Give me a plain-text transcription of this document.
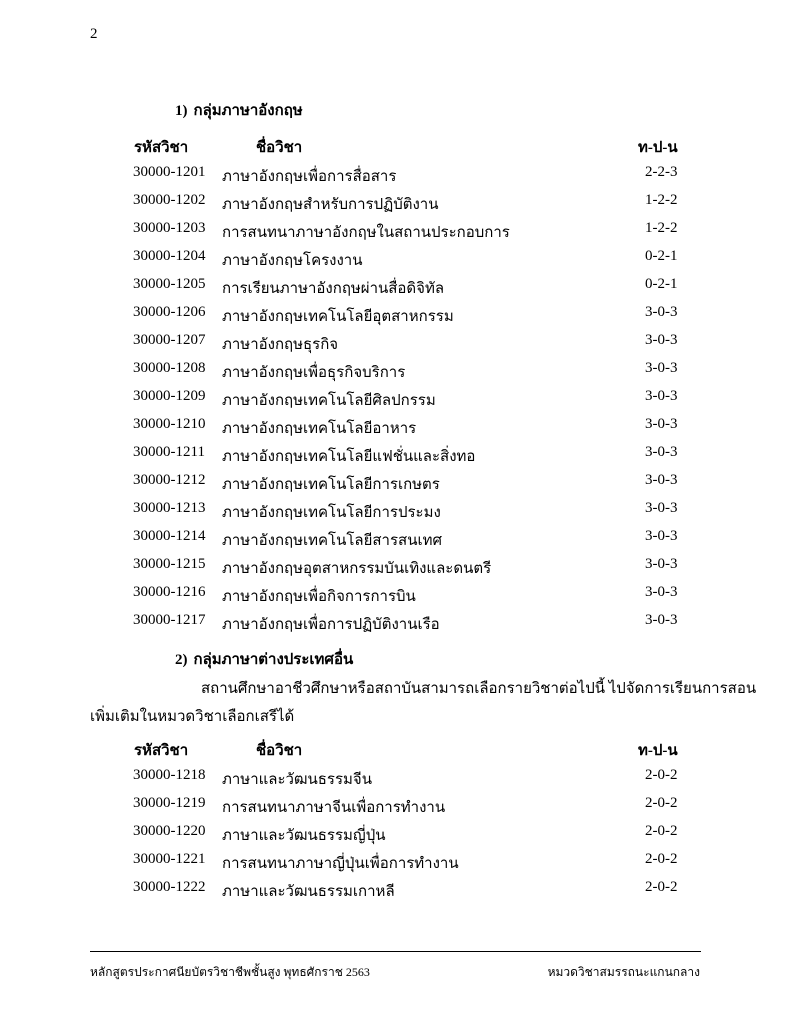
2
1) กลุ่มภาษาอังกฤษ
รหัสวิชา	ชื่อวิชา	ท-ป-น
30000-1201 ภาษาอังกฤษเพื่อการสื่อสาร	2-2-3
30000-1202 ภาษาอังกฤษสำหรับการปฏิบัติงาน	1-2-2
30000-1203 การสนทนาภาษาอังกฤษในสถานประกอบการ	1-2-2
30000-1204 ภาษาอังกฤษโครงงาน	0-2-1
30000-1205 การเรียนภาษาอังกฤษผ่านสื่อดิจิทัล	0-2-1
30000-1206 ภาษาอังกฤษเทคโนโลยีอุตสาหกรรม	3-0-3
30000-1207 ภาษาอังกฤษธุรกิจ	3-0-3
30000-1208 ภาษาอังกฤษเพื่อธุรกิจบริการ	3-0-3
30000-1209 ภาษาอังกฤษเทคโนโลยีศิลปกรรม	3-0-3
30000-1210 ภาษาอังกฤษเทคโนโลยีอาหาร	3-0-3
30000-1211 ภาษาอังกฤษเทคโนโลยีแฟชั่นและสิ่งทอ	3-0-3
30000-1212 ภาษาอังกฤษเทคโนโลยีการเกษตร	3-0-3
30000-1213 ภาษาอังกฤษเทคโนโลยีการประมง	3-0-3
30000-1214 ภาษาอังกฤษเทคโนโลยีสารสนเทศ	3-0-3
30000-1215 ภาษาอังกฤษอุตสาหกรรมบันเทิงและดนตรี	3-0-3
30000-1216 ภาษาอังกฤษเพื่อกิจการการบิน	3-0-3
30000-1217 ภาษาอังกฤษเพื่อการปฏิบัติงานเรือ	3-0-3
2) กลุ่มภาษาต่างประเทศอื่น
สถานศึกษาอาชีวศึกษาหรือสถาบันสามารถเลือกรายวิชาต่อไปนี้ ไปจัดการเรียนการสอน
เพิ่มเติมในหมวดวิชาเลือกเสรีได้
รหัสวิชา	ชื่อวิชา	ท-ป-น
30000-1218 ภาษาและวัฒนธรรมจีน	2-0-2
30000-1219 การสนทนาภาษาจีนเพื่อการทำงาน	2-0-2
30000-1220 ภาษาและวัฒนธรรมญี่ปุ่น	2-0-2
30000-1221 การสนทนาภาษาญี่ปุ่นเพื่อการทำงาน	2-0-2
30000-1222 ภาษาและวัฒนธรรมเกาหลี	2-0-2
หลักสูตรประกาศนียบัตรวิชาชีพชั้นสูง พุทธศักราช 2563	หมวดวิชาสมรรถนะแกนกลาง
